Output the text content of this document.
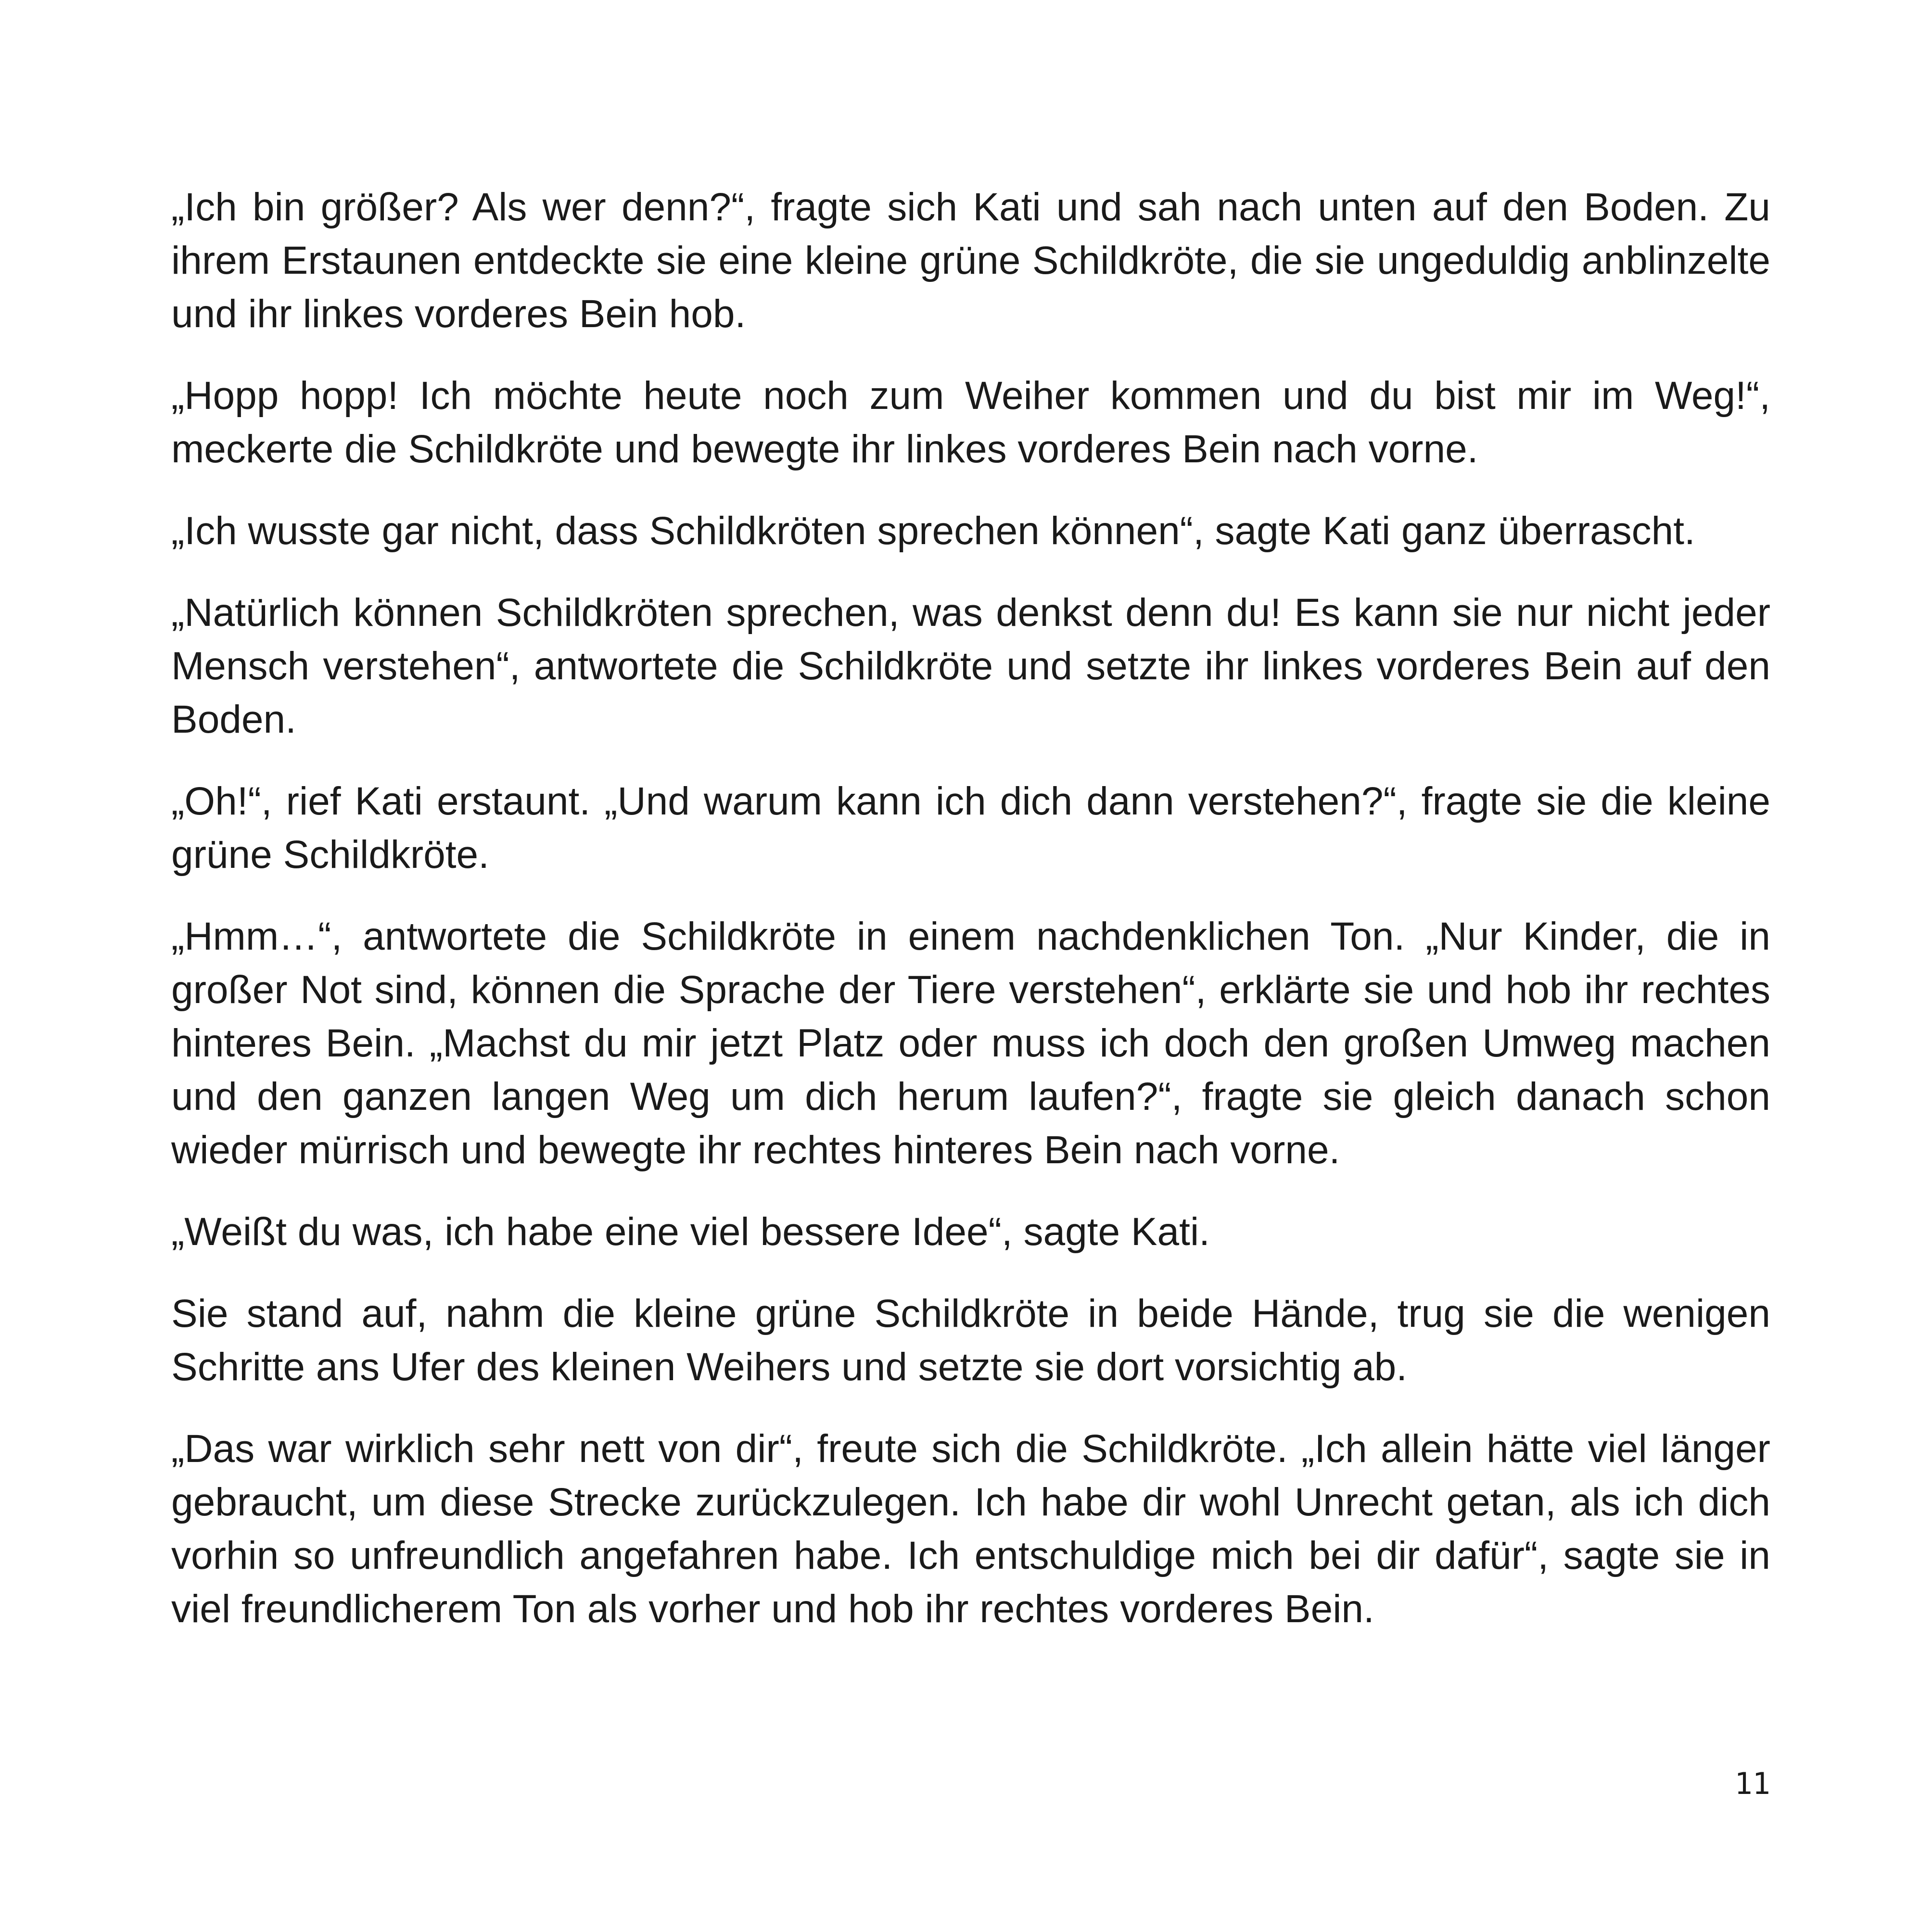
„Ich bin größer? Als wer denn?“, fragte sich Kati und sah nach unten auf den Boden. Zu ihrem Erstaunen entdeckte sie eine kleine grüne Schildkröte, die sie ungeduldig anblinzelte und ihr linkes vorderes Bein hob.

„Hopp hopp! Ich möchte heute noch zum Weiher kommen und du bist mir im Weg!“, meckerte die Schildkröte und bewegte ihr linkes vorderes Bein nach vorne.

„Ich wusste gar nicht, dass Schildkröten sprechen können“, sagte Kati ganz überrascht.

„Natürlich können Schildkröten sprechen, was denkst denn du! Es kann sie nur nicht jeder Mensch verstehen“, antwortete die Schildkröte und setzte ihr linkes vorderes Bein auf den Boden.

„Oh!“, rief Kati erstaunt. „Und warum kann ich dich dann verstehen?“, fragte sie die kleine grüne Schildkröte.

„Hmm…“, antwortete die Schildkröte in einem nachdenklichen Ton. „Nur Kinder, die in großer Not sind, können die Sprache der Tiere verstehen“, erklärte sie und hob ihr rechtes hinteres Bein. „Machst du mir jetzt Platz oder muss ich doch den großen Umweg machen und den ganzen langen Weg um dich herum laufen?“, fragte sie gleich danach schon wieder mürrisch und bewegte ihr rechtes hinteres Bein nach vorne.

„Weißt du was, ich habe eine viel bessere Idee“, sagte Kati.

Sie stand auf, nahm die kleine grüne Schildkröte in beide Hände, trug sie die wenigen Schritte ans Ufer des kleinen Weihers und setzte sie dort vorsichtig ab.

„Das war wirklich sehr nett von dir“, freute sich die Schildkröte. „Ich allein hätte viel länger gebraucht, um diese Strecke zurückzulegen. Ich habe dir wohl Unrecht getan, als ich dich vorhin so unfreundlich angefahren habe. Ich entschuldige mich bei dir dafür“, sagte sie in viel freundlicherem Ton als vorher und hob ihr rechtes vorderes Bein.

11
